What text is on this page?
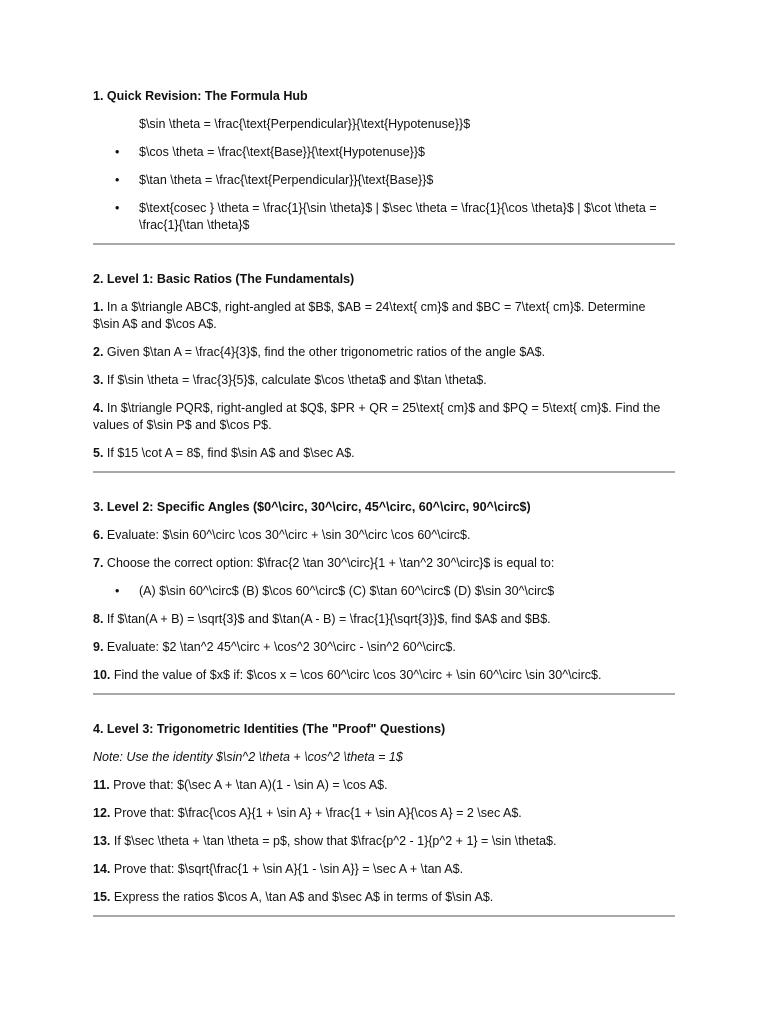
1. Quick Revision: The Formula Hub

$\sin \theta = \frac{\text{Perpendicular}}{\text{Hypotenuse}}$

• $\cos \theta = \frac{\text{Base}}{\text{Hypotenuse}}$
• $\tan \theta = \frac{\text{Perpendicular}}{\text{Base}}$
• $\text{cosec } \theta = \frac{1}{\sin \theta}$ | $\sec \theta = \frac{1}{\cos \theta}$ | $\cot \theta = \frac{1}{\tan \theta}$

2. Level 1: Basic Ratios (The Fundamentals)

1. In a $\triangle ABC$, right-angled at $B$, $AB = 24\text{ cm}$ and $BC = 7\text{ cm}$. Determine $\sin A$ and $\cos A$.

2. Given $\tan A = \frac{4}{3}$, find the other trigonometric ratios of the angle $A$.

3. If $\sin \theta = \frac{3}{5}$, calculate $\cos \theta$ and $\tan \theta$.

4. In $\triangle PQR$, right-angled at $Q$, $PR + QR = 25\text{ cm}$ and $PQ = 5\text{ cm}$. Find the values of $\sin P$ and $\cos P$.

5. If $15 \cot A = 8$, find $\sin A$ and $\sec A$.

3. Level 2: Specific Angles ($0^\circ, 30^\circ, 45^\circ, 60^\circ, 90^\circ$)

6. Evaluate: $\sin 60^\circ \cos 30^\circ + \sin 30^\circ \cos 60^\circ$.

7. Choose the correct option: $\frac{2 \tan 30^\circ}{1 + \tan^2 30^\circ}$ is equal to:

• (A) $\sin 60^\circ$ (B) $\cos 60^\circ$ (C) $\tan 60^\circ$ (D) $\sin 30^\circ$

8. If $\tan(A + B) = \sqrt{3}$ and $\tan(A - B) = \frac{1}{\sqrt{3}}$, find $A$ and $B$.

9. Evaluate: $2 \tan^2 45^\circ + \cos^2 30^\circ - \sin^2 60^\circ$.

10. Find the value of $x$ if: $\cos x = \cos 60^\circ \cos 30^\circ + \sin 60^\circ \sin 30^\circ$.

4. Level 3: Trigonometric Identities (The "Proof" Questions)

Note: Use the identity $\sin^2 \theta + \cos^2 \theta = 1$

11. Prove that: $(\sec A + \tan A)(1 - \sin A) = \cos A$.

12. Prove that: $\frac{\cos A}{1 + \sin A} + \frac{1 + \sin A}{\cos A} = 2 \sec A$.

13. If $\sec \theta + \tan \theta = p$, show that $\frac{p^2 - 1}{p^2 + 1} = \sin \theta$.

14. Prove that: $\sqrt{\frac{1 + \sin A}{1 - \sin A}} = \sec A + \tan A$.

15. Express the ratios $\cos A, \tan A$ and $\sec A$ in terms of $\sin A$.
